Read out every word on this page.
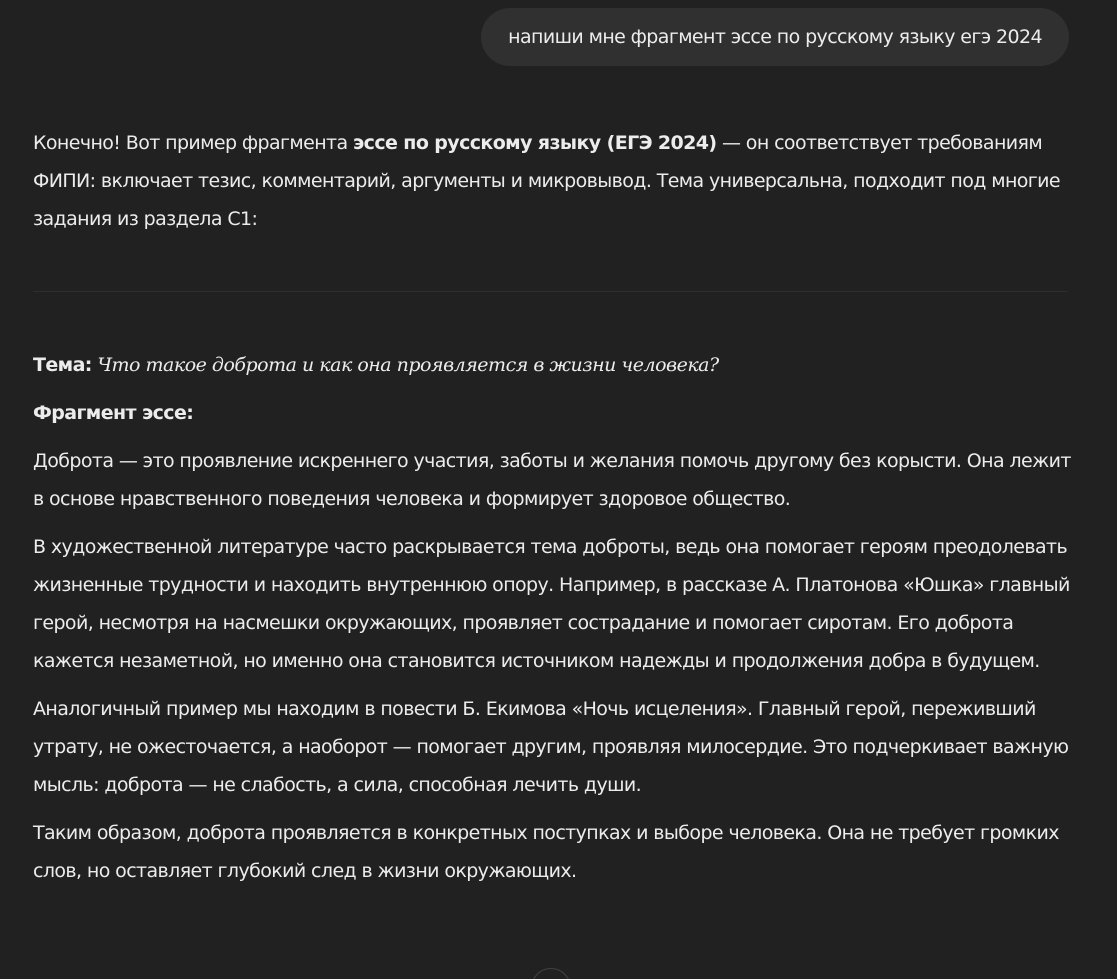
напиши мне фрагмент эссе по русскому языку егэ 2024

Конечно! Вот пример фрагмента эссе по русскому языку (ЕГЭ 2024) — он соответствует требованиям ФИПИ: включает тезис, комментарий, аргументы и микровывод. Тема универсальна, подходит под многие задания из раздела С1:

Тема: Что такое доброта и как она проявляется в жизни человека?

Фрагмент эссе:

Доброта — это проявление искреннего участия, заботы и желания помочь другому без корысти. Она лежит в основе нравственного поведения человека и формирует здоровое общество.

В художественной литературе часто раскрывается тема доброты, ведь она помогает героям преодолевать жизненные трудности и находить внутреннюю опору. Например, в рассказе А. Платонова «Юшка» главный герой, несмотря на насмешки окружающих, проявляет сострадание и помогает сиротам. Его доброта кажется незаметной, но именно она становится источником надежды и продолжения добра в будущем.

Аналогичный пример мы находим в повести Б. Екимова «Ночь исцеления». Главный герой, переживший утрату, не ожесточается, а наоборот — помогает другим, проявляя милосердие. Это подчеркивает важную мысль: доброта — не слабость, а сила, способная лечить души.

Таким образом, доброта проявляется в конкретных поступках и выборе человека. Она не требует громких слов, но оставляет глубокий след в жизни окружающих.
